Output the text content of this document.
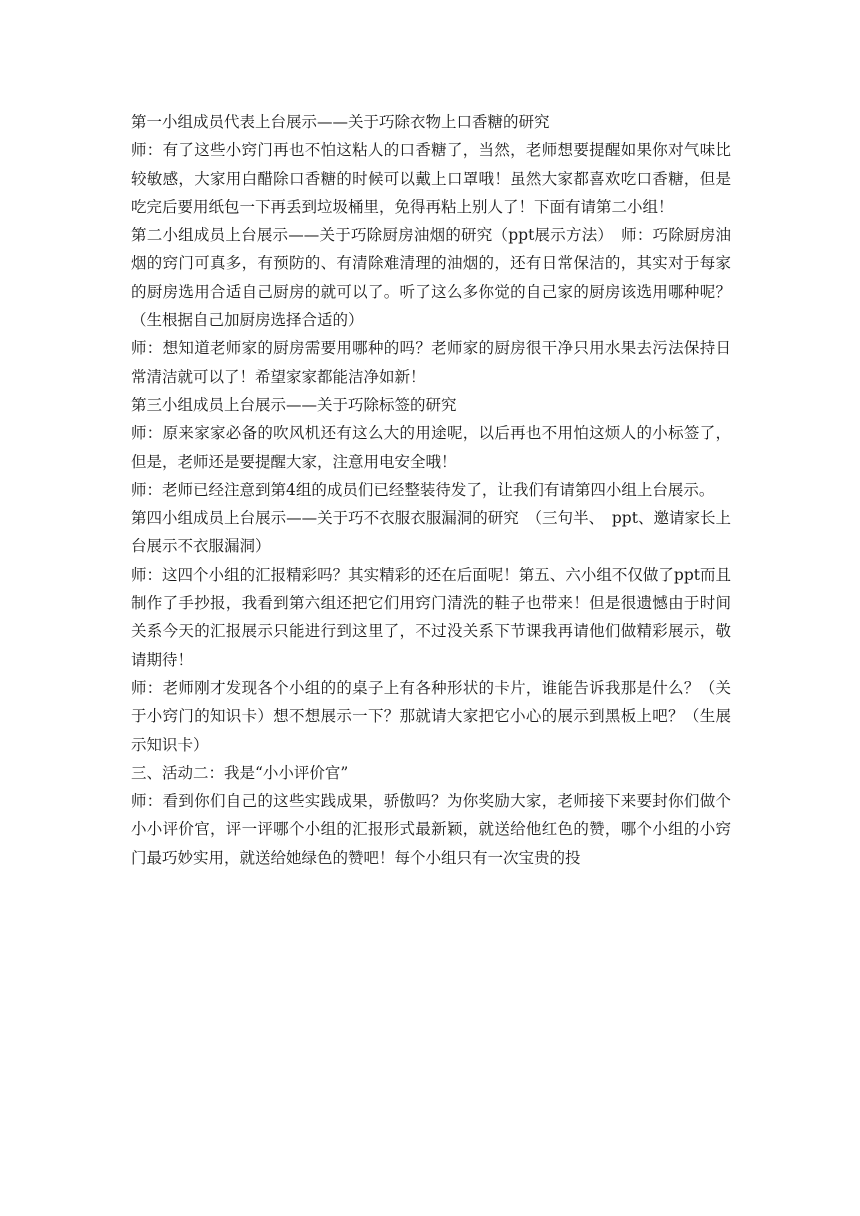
第一小组成员代表上台展示——关于巧除衣物上口香糖的研究

师：有了这些小窍门再也不怕这粘人的口香糖了，当然，老师想要提醒如果你对气味比较敏感，大家用白醋除口香糖的时候可以戴上口罩哦！虽然大家都喜欢吃口香糖，但是吃完后要用纸包一下再丢到垃圾桶里，免得再粘上别人了！下面有请第二小组！

第二小组成员上台展示——关于巧除厨房油烟的研究（ppt展示方法）　师：巧除厨房油烟的窍门可真多，有预防的、有清除难清理的油烟的，还有日常保洁的，其实对于每家的厨房选用合适自己厨房的就可以了。听了这么多你觉的自己家的厨房该选用哪种呢？（生根据自己加厨房选择合适的）

师：想知道老师家的厨房需要用哪种的吗？老师家的厨房很干净只用水果去污法保持日常清洁就可以了！希望家家都能洁净如新！

第三小组成员上台展示——关于巧除标签的研究

师：原来家家必备的吹风机还有这么大的用途呢，以后再也不用怕这烦人的小标签了，但是，老师还是要提醒大家，注意用电安全哦！

师：老师已经注意到第4组的成员们已经整装待发了，让我们有请第四小组上台展示。

第四小组成员上台展示——关于巧不衣服衣服漏洞的研究　（三句半、　ppt、邀请家长上台展示不衣服漏洞）

师：这四个小组的汇报精彩吗？其实精彩的还在后面呢！第五、六小组不仅做了ppt而且制作了手抄报，我看到第六组还把它们用窍门清洗的鞋子也带来！但是很遗憾由于时间关系今天的汇报展示只能进行到这里了，不过没关系下节课我再请他们做精彩展示，敬请期待！

师：老师刚才发现各个小组的的桌子上有各种形状的卡片，谁能告诉我那是什么？（关于小窍门的知识卡）想不想展示一下？那就请大家把它小心的展示到黑板上吧？（生展示知识卡）

三、活动二：我是“小小评价官”

师：看到你们自己的这些实践成果，骄傲吗？为你奖励大家，老师接下来要封你们做个小小评价官，评一评哪个小组的汇报形式最新颖，就送给他红色的赞，哪个小组的小窍门最巧妙实用，就送给她绿色的赞吧！每个小组只有一次宝贵的投
